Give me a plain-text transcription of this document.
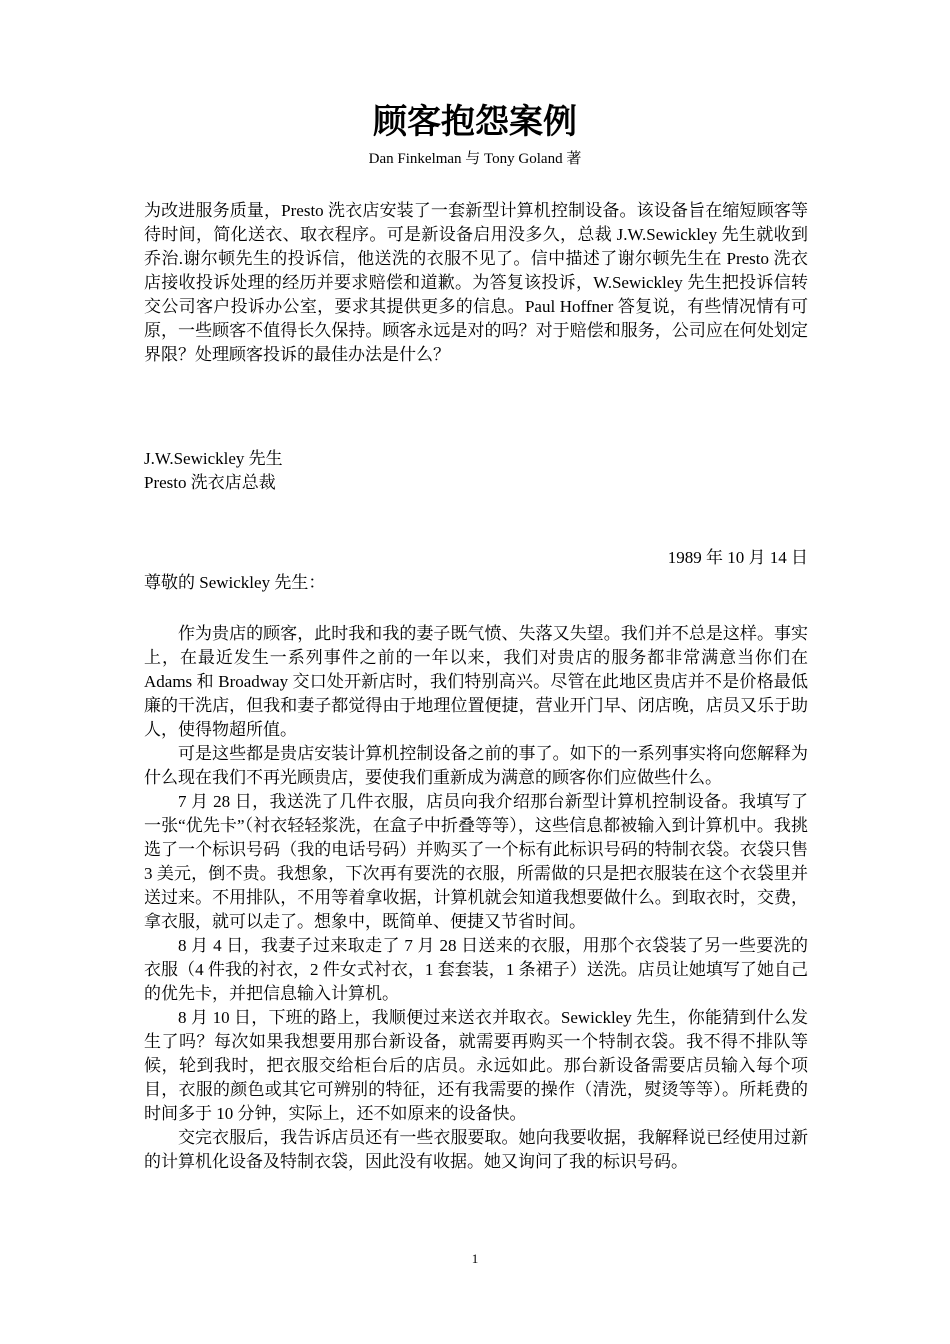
顾客抱怨案例
Dan Finkelman 与 Tony Goland 著

为改进服务质量，Presto 洗衣店安装了一套新型计算机控制设备。该设备旨在缩短顾客等待时间，简化送衣、取衣程序。可是新设备启用没多久，总裁 J.W.Sewickley 先生就收到乔治.谢尔顿先生的投诉信，他送洗的衣服不见了。信中描述了谢尔顿先生在 Presto 洗衣店接收投诉处理的经历并要求赔偿和道歉。为答复该投诉，W.Sewickley 先生把投诉信转交公司客户投诉办公室，要求其提供更多的信息。Paul Hoffner 答复说，有些情况情有可原，一些顾客不值得长久保持。顾客永远是对的吗？对于赔偿和服务，公司应在何处划定界限？处理顾客投诉的最佳办法是什么？

J.W.Sewickley 先生
Presto 洗衣店总裁
1989 年 10 月 14 日
尊敬的 Sewickley 先生：

作为贵店的顾客，此时我和我的妻子既气愤、失落又失望。我们并不总是这样。事实上，在最近发生一系列事件之前的一年以来，我们对贵店的服务都非常满意当你们在 Adams 和 Broadway 交口处开新店时，我们特别高兴。尽管在此地区贵店并不是价格最低廉的干洗店，但我和妻子都觉得由于地理位置便捷，营业开门早、闭店晚，店员又乐于助人，使得物超所值。

可是这些都是贵店安装计算机控制设备之前的事了。如下的一系列事实将向您解释为什么现在我们不再光顾贵店，要使我们重新成为满意的顾客你们应做些什么。

7 月 28 日，我送洗了几件衣服，店员向我介绍那台新型计算机控制设备。我填写了一张“优先卡”（衬衣轻轻浆洗，在盒子中折叠等等），这些信息都被输入到计算机中。我挑选了一个标识号码（我的电话号码）并购买了一个标有此标识号码的特制衣袋。衣袋只售 3 美元，倒不贵。我想象，下次再有要洗的衣服，所需做的只是把衣服装在这个衣袋里并送过来。不用排队，不用等着拿收据，计算机就会知道我想要做什么。到取衣时，交费，拿衣服，就可以走了。想象中，既简单、便捷又节省时间。

8 月 4 日，我妻子过来取走了 7 月 28 日送来的衣服，用那个衣袋装了另一些要洗的衣服（4 件我的衬衣，2 件女式衬衣，1 套套装，1 条裙子）送洗。店员让她填写了她自己的优先卡，并把信息输入计算机。

8 月 10 日，下班的路上，我顺便过来送衣并取衣。Sewickley 先生，你能猜到什么发生了吗？每次如果我想要用那台新设备，就需要再购买一个特制衣袋。我不得不排队等候，轮到我时，把衣服交给柜台后的店员。永远如此。那台新设备需要店员输入每个项目，衣服的颜色或其它可辨别的特征，还有我需要的操作（清洗，熨烫等等）。所耗费的时间多于 10 分钟，实际上，还不如原来的设备快。

交完衣服后，我告诉店员还有一些衣服要取。她向我要收据，我解释说已经使用过新的计算机化设备及特制衣袋，因此没有收据。她又询问了我的标识号码。

1
